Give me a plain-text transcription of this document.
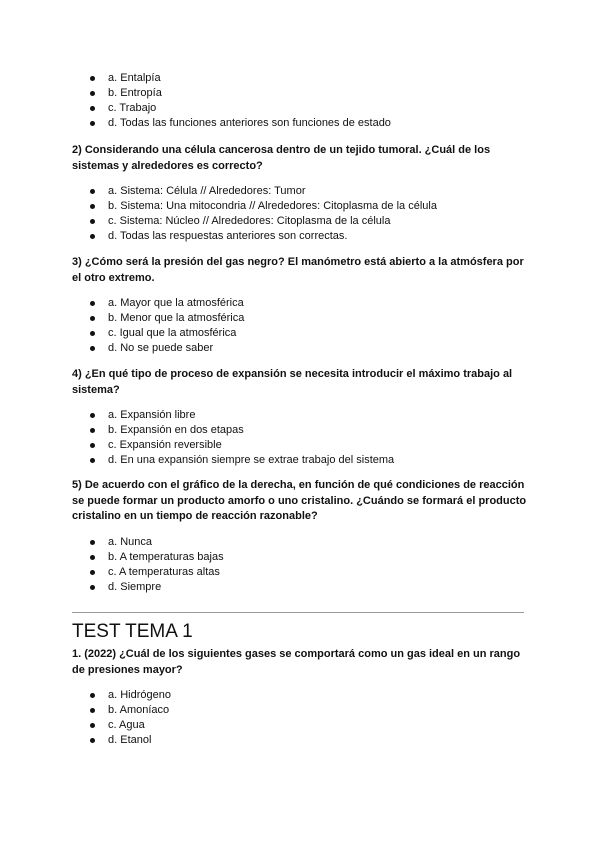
a. Entalpía
b. Entropía
c. Trabajo
d. Todas las funciones anteriores son funciones de estado

2) Considerando una célula cancerosa dentro de un tejido tumoral. ¿Cuál de los sistemas y alrededores es correcto?

a. Sistema: Célula // Alrededores: Tumor
b. Sistema: Una mitocondria // Alrededores: Citoplasma de la célula
c. Sistema: Núcleo // Alrededores: Citoplasma de la célula
d. Todas las respuestas anteriores son correctas.

3) ¿Cómo será la presión del gas negro? El manómetro está abierto a la atmósfera por el otro extremo.

a. Mayor que la atmosférica
b. Menor que la atmosférica
c. Igual que la atmosférica
d. No se puede saber

4) ¿En qué tipo de proceso de expansión se necesita introducir el máximo trabajo al sistema?

a. Expansión libre
b. Expansión en dos etapas
c. Expansión reversible
d. En una expansión siempre se extrae trabajo del sistema

5) De acuerdo con el gráfico de la derecha, en función de qué condiciones de reacción se puede formar un producto amorfo o uno cristalino. ¿Cuándo se formará el producto cristalino en un tiempo de reacción razonable?

a. Nunca
b. A temperaturas bajas
c. A temperaturas altas
d. Siempre
TEST TEMA 1

1. (2022) ¿Cuál de los siguientes gases se comportará como un gas ideal en un rango de presiones mayor?

a. Hidrógeno
b. Amoníaco
c. Agua
d. Etanol
